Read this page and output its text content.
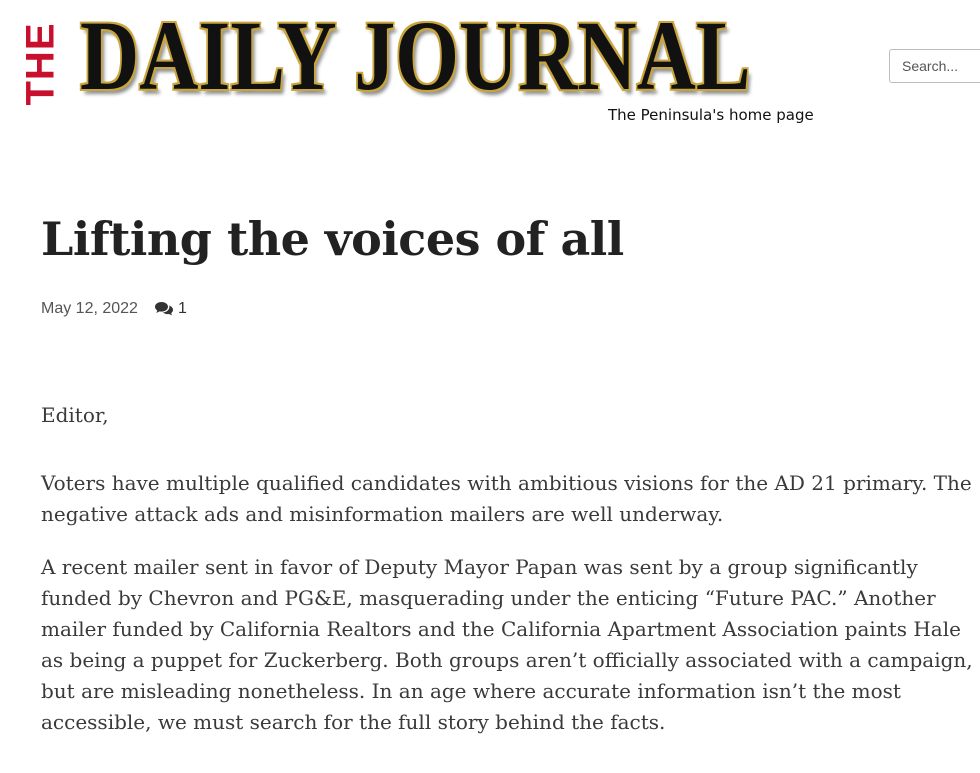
THE DAILY JOURNAL
The Peninsula's home page
Search...
Lifting the voices of all
May 12, 2022	1

Editor,

Voters have multiple qualified candidates with ambitious visions for the AD 21 primary. The negative attack ads and misinformation mailers are well underway.

A recent mailer sent in favor of Deputy Mayor Papan was sent by a group significantly funded by Chevron and PG&E, masquerading under the enticing “Future PAC.” Another mailer funded by California Realtors and the California Apartment Association paints Hale as being a puppet for Zuckerberg. Both groups aren’t officially associated with a campaign, but are misleading nonetheless. In an age where accurate information isn’t the most accessible, we must search for the full story behind the facts.
